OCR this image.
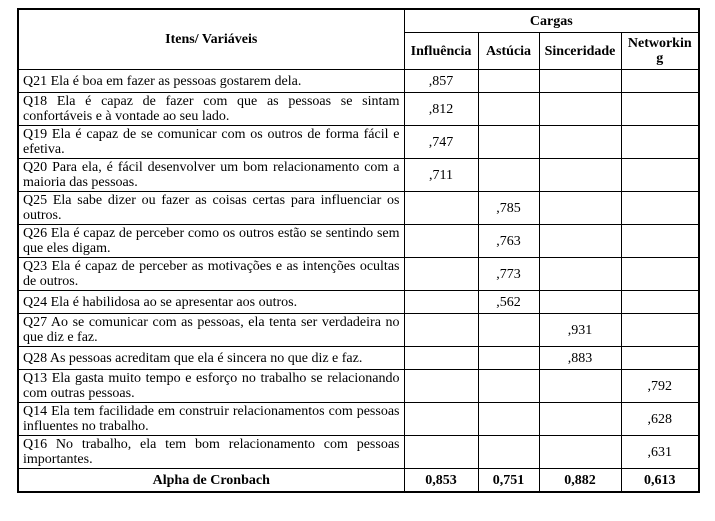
Itens/ Variáveis	Cargas			
	Influência	Astúcia	Sinceridade	Networking
Q21 Ela é boa em fazer as pessoas gostarem dela.	,857			
Q18 Ela é capaz de fazer com que as pessoas se sintam confortáveis e à vontade ao seu lado.	,812			
Q19 Ela é capaz de se comunicar com os outros de forma fácil e efetiva.	,747			
Q20 Para ela, é fácil desenvolver um bom relacionamento com a maioria das pessoas.	,711			
Q25 Ela sabe dizer ou fazer as coisas certas para influenciar os outros.		,785		
Q26 Ela é capaz de perceber como os outros estão se sentindo sem que eles digam.		,763		
Q23 Ela é capaz de perceber as motivações e as intenções ocultas de outros.		,773		
Q24 Ela é habilidosa ao se apresentar aos outros.		,562		
Q27 Ao se comunicar com as pessoas, ela tenta ser verdadeira no que diz e faz.			,931	
Q28 As pessoas acreditam que ela é sincera no que diz e faz.			,883	
Q13 Ela gasta muito tempo e esforço no trabalho se relacionando com outras pessoas.				,792
Q14 Ela tem facilidade em construir relacionamentos com pessoas influentes no trabalho.				,628
Q16 No trabalho, ela tem bom relacionamento com pessoas importantes.				,631
Alpha de Cronbach	0,853	0,751	0,882	0,613
